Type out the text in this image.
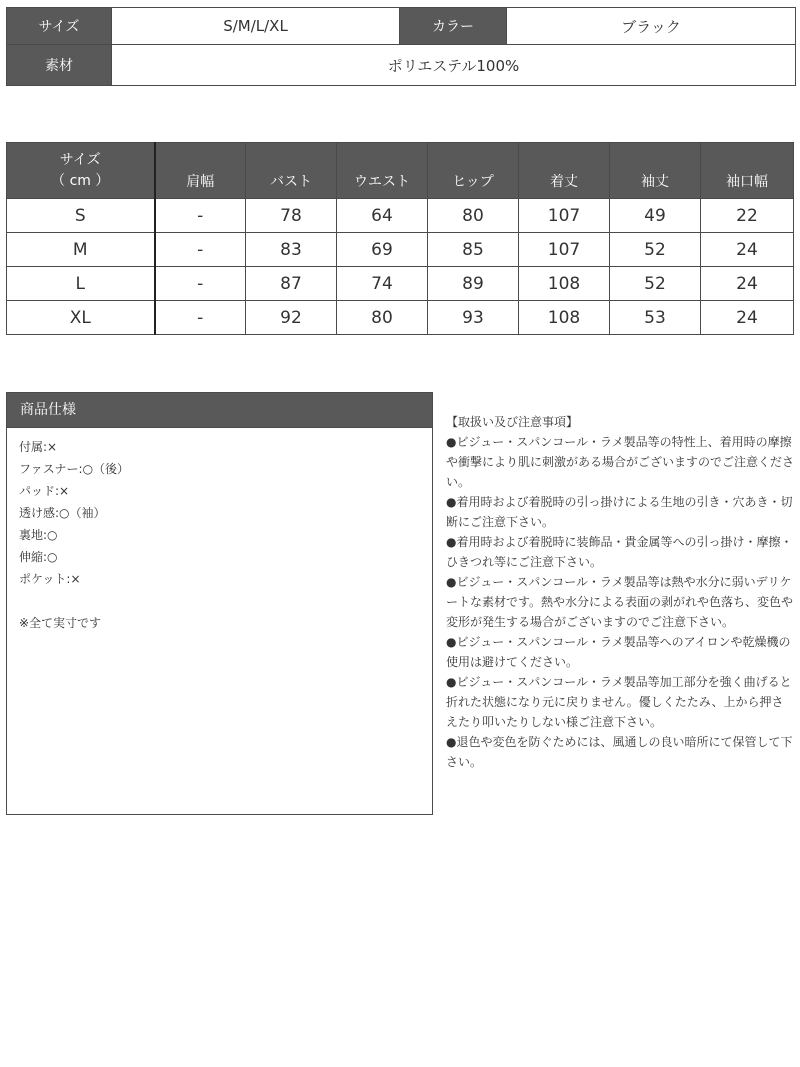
サイズ	S/M/L/XL	カラー	ブラック
素材	ポリエステル100%		
サイズ
（ cm ）	肩幅	バスト	ウエスト	ヒップ	着丈	袖丈	袖口幅
S	-	78	64	80	107	49	22
M	-	83	69	85	107	52	24
L	-	87	74	89	108	52	24
XL	-	92	80	93	108	53	24
商品仕様
付属:×
ファスナー:○（後）
パッド:×
透け感:○（袖）
裏地:○
伸縮:○
ポケット:×
※全て実寸です

【取扱い及び注意事項】

●ビジュー・スパンコール・ラメ製品等の特性上、着用時の摩擦や衝撃により肌に刺激がある場合がございますのでご注意ください。

●着用時および着脱時の引っ掛けによる生地の引き・穴あき・切断にご注意下さい。

●着用時および着脱時に装飾品・貴金属等への引っ掛け・摩擦・ひきつれ等にご注意下さい。

●ビジュー・スパンコール・ラメ製品等は熱や水分に弱いデリケートな素材です。熱や水分による表面の剥がれや色落ち、変色や変形が発生する場合がございますのでご注意下さい。

●ビジュー・スパンコール・ラメ製品等へのアイロンや乾燥機の使用は避けてください。

●ビジュー・スパンコール・ラメ製品等加工部分を強く曲げると折れた状態になり元に戻りません。優しくたたみ、上から押さえたり叩いたりしない様ご注意下さい。

●退色や変色を防ぐためには、風通しの良い暗所にて保管して下さい。
